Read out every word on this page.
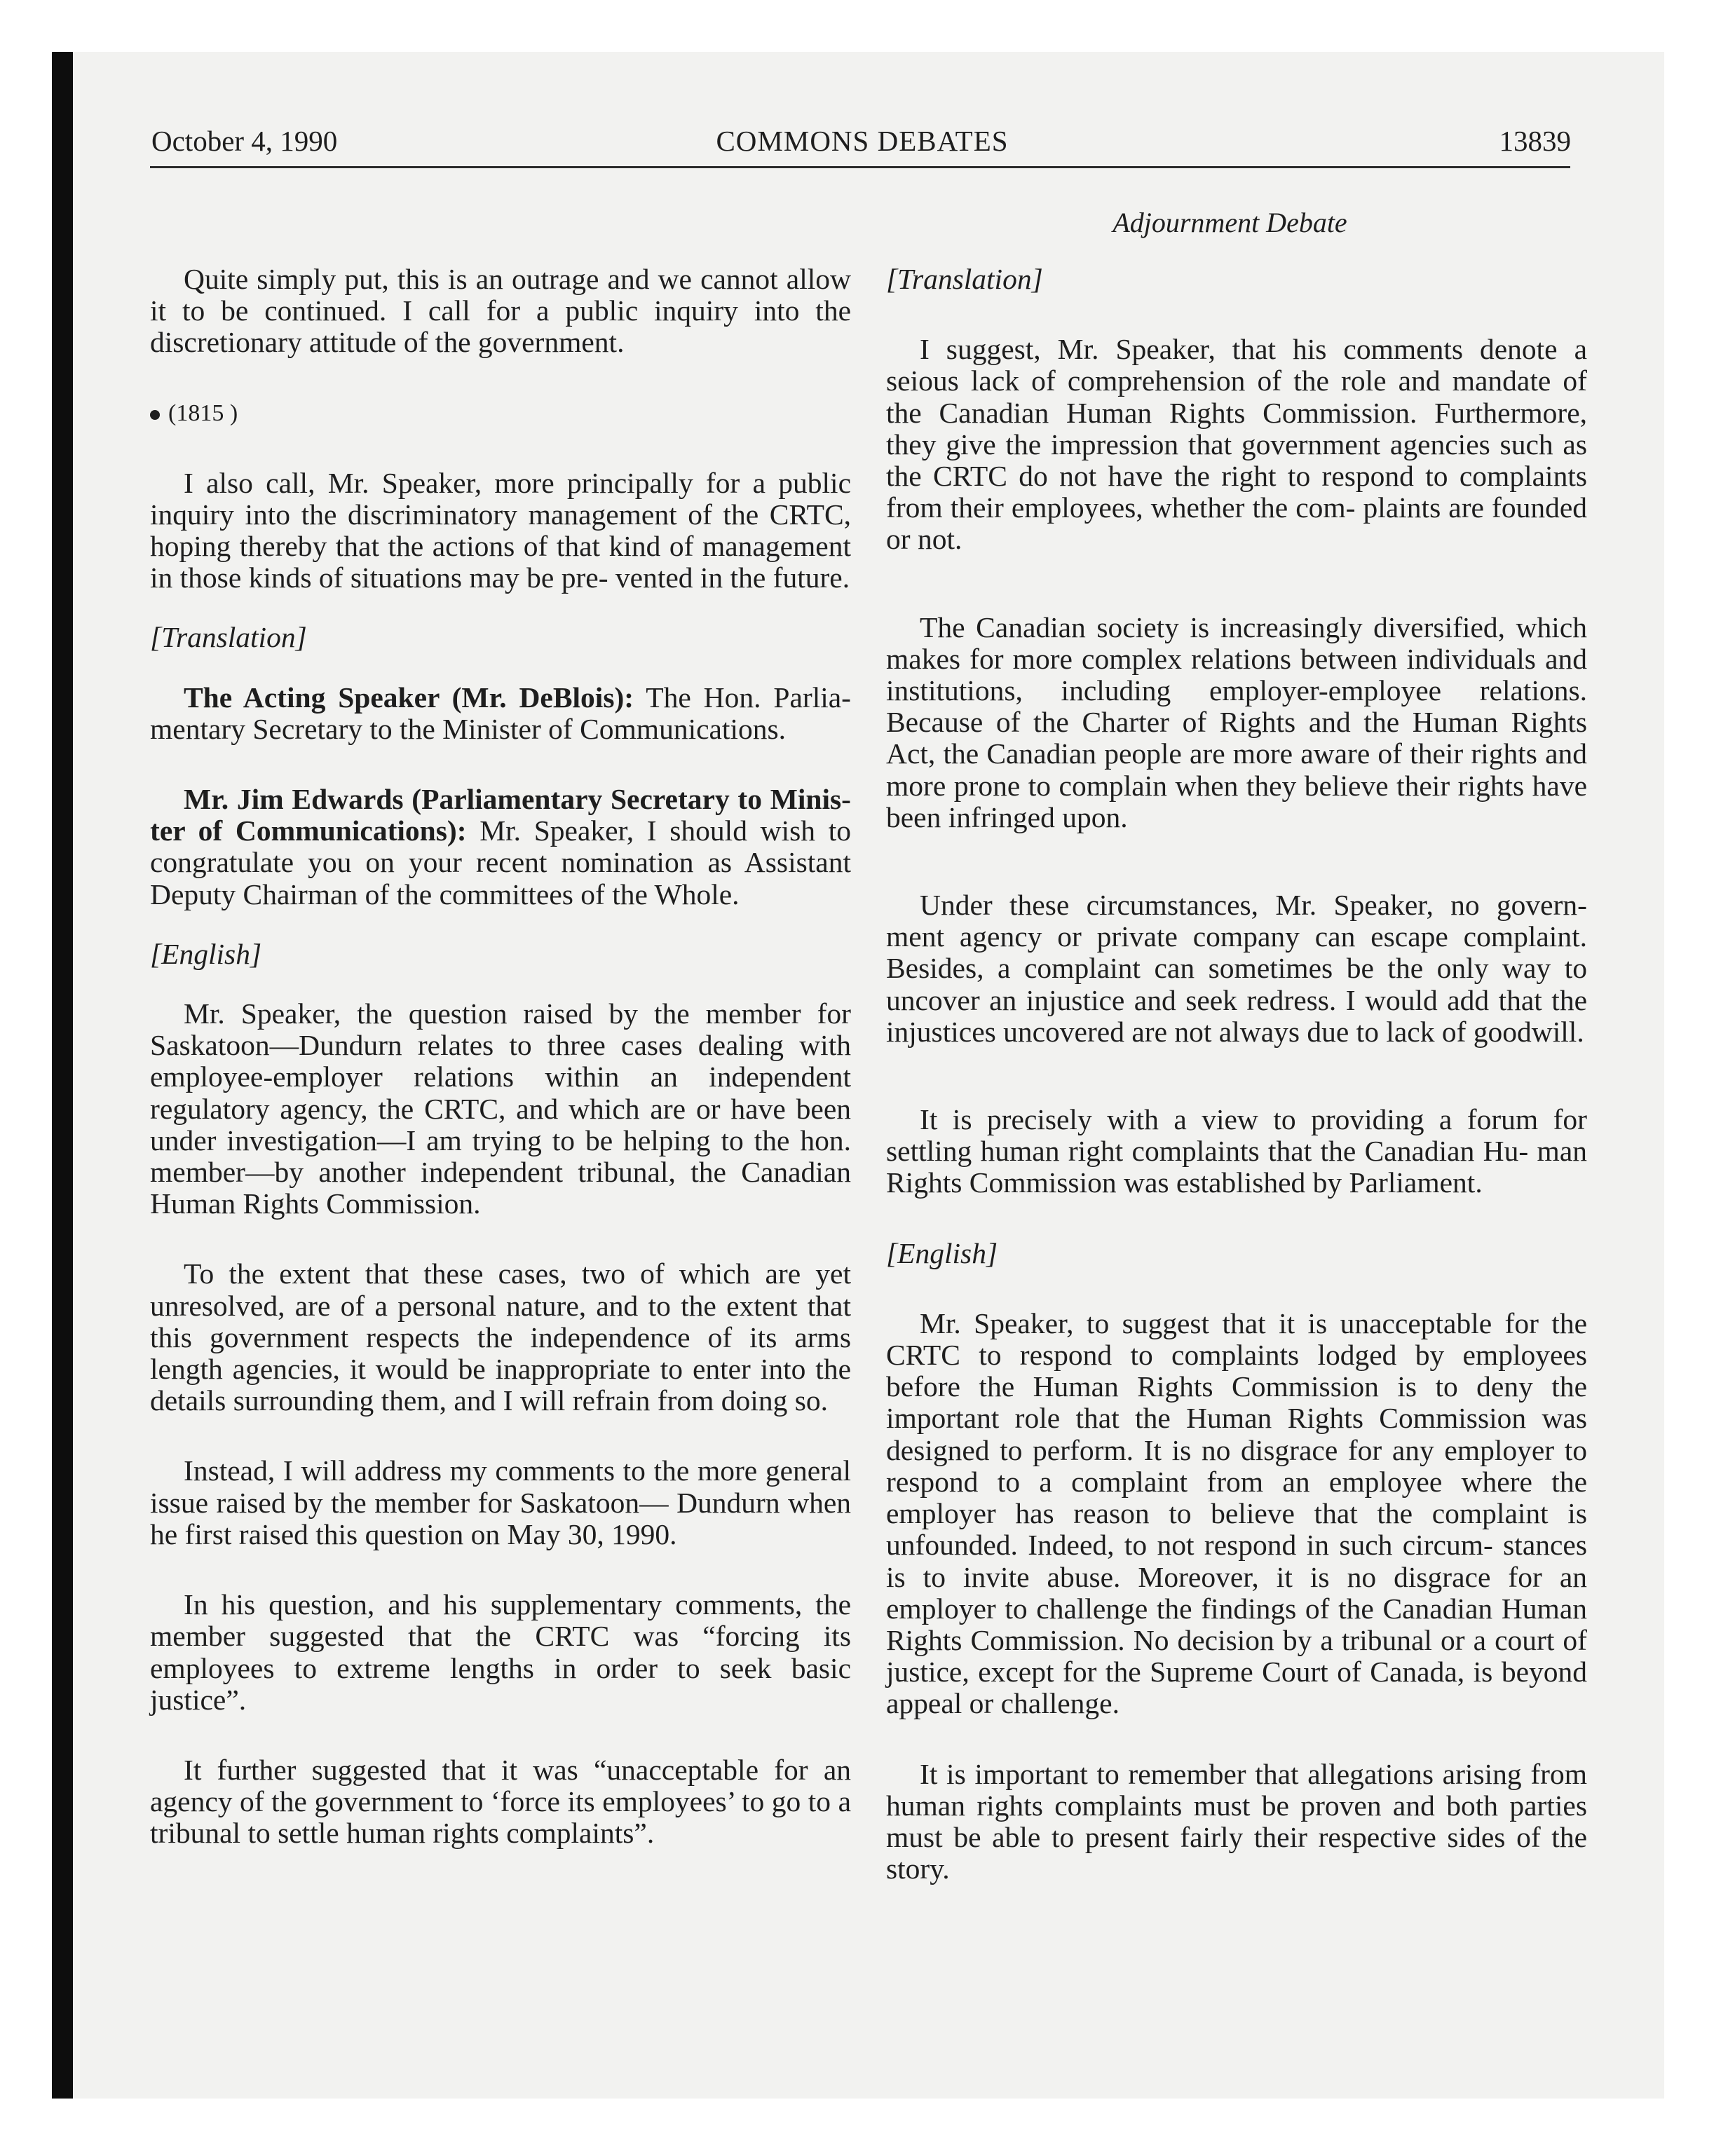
October 4, 1990	COMMONS DEBATES	13839
Adjournment Debate

Quite simply put, this is an outrage and we cannot allow it to be continued. I call for a public inquiry into the discretionary attitude of the government.

(1815 )

I also call, Mr. Speaker, more principally for a public inquiry into the discriminatory management of the CRTC, hoping thereby that the actions of that kind of management in those kinds of situations may be pre- vented in the future.

[Translation]

The Acting Speaker (Mr. DeBlois): The Hon. Parlia- mentary Secretary to the Minister of Communications.

Mr. Jim Edwards (Parliamentary Secretary to Minis- ter of Communications): Mr. Speaker, I should wish to congratulate you on your recent nomination as Assistant Deputy Chairman of the committees of the Whole.

[English]

Mr. Speaker, the question raised by the member for Saskatoon—Dundurn relates to three cases dealing with employee-employer relations within an independent regulatory agency, the CRTC, and which are or have been under investigation—I am trying to be helping to the hon. member—by another independent tribunal, the Canadian Human Rights Commission.

To the extent that these cases, two of which are yet unresolved, are of a personal nature, and to the extent that this government respects the independence of its arms length agencies, it would be inappropriate to enter into the details surrounding them, and I will refrain from doing so.

Instead, I will address my comments to the more general issue raised by the member for Saskatoon— Dundurn when he first raised this question on May 30, 1990.

In his question, and his supplementary comments, the member suggested that the CRTC was “forcing its employees to extreme lengths in order to seek basic justice”.

It further suggested that it was “unacceptable for an agency of the government to ‘force its employees’ to go to a tribunal to settle human rights complaints”.

[Translation]

I suggest, Mr. Speaker, that his comments denote a seious lack of comprehension of the role and mandate of the Canadian Human Rights Commission. Furthermore, they give the impression that government agencies such as the CRTC do not have the right to respond to complaints from their employees, whether the com- plaints are founded or not.

The Canadian society is increasingly diversified, which makes for more complex relations between individuals and institutions, including employer-employee relations. Because of the Charter of Rights and the Human Rights Act, the Canadian people are more aware of their rights and more prone to complain when they believe their rights have been infringed upon.

Under these circumstances, Mr. Speaker, no govern- ment agency or private company can escape complaint. Besides, a complaint can sometimes be the only way to uncover an injustice and seek redress. I would add that the injustices uncovered are not always due to lack of goodwill.

It is precisely with a view to providing a forum for settling human right complaints that the Canadian Hu- man Rights Commission was established by Parliament.

[English]

Mr. Speaker, to suggest that it is unacceptable for the CRTC to respond to complaints lodged by employees before the Human Rights Commission is to deny the important role that the Human Rights Commission was designed to perform. It is no disgrace for any employer to respond to a complaint from an employee where the employer has reason to believe that the complaint is unfounded. Indeed, to not respond in such circum- stances is to invite abuse. Moreover, it is no disgrace for an employer to challenge the findings of the Canadian Human Rights Commission. No decision by a tribunal or a court of justice, except for the Supreme Court of Canada, is beyond appeal or challenge.

It is important to remember that allegations arising from human rights complaints must be proven and both parties must be able to present fairly their respective sides of the story.
